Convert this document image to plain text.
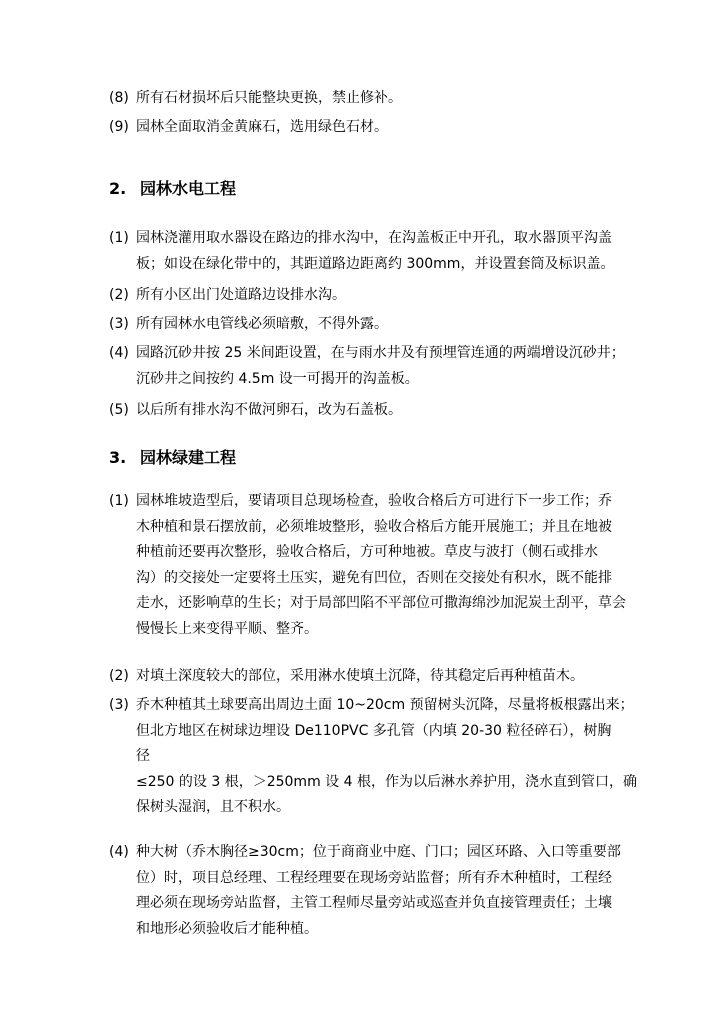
(8) 所有石材损坏后只能整块更换，禁止修补。
(9) 园林全面取消金黄麻石，选用绿色石材。
2. 园林水电工程
(1) 园林浇灌用取水器设在路边的排水沟中，在沟盖板正中开孔，取水器顶平沟盖
板；如设在绿化带中的，其距道路边距离约 300mm，并设置套筒及标识盖。
(2) 所有小区出门处道路边设排水沟。
(3) 所有园林水电管线必须暗敷，不得外露。
(4) 园路沉砂井按 25 米间距设置，在与雨水井及有预埋管连通的两端增设沉砂井；
沉砂井之间按约 4.5m 设一可揭开的沟盖板。
(5) 以后所有排水沟不做河卵石，改为石盖板。
3. 园林绿建工程
(1) 园林堆坡造型后，要请项目总现场检查，验收合格后方可进行下一步工作；乔
木种植和景石摆放前，必须堆坡整形，验收合格后方能开展施工；并且在地被
种植前还要再次整形，验收合格后，方可种地被。草皮与波打（侧石或排水
沟）的交接处一定要将土压实，避免有凹位，否则在交接处有积水，既不能排
走水，还影响草的生长；对于局部凹陷不平部位可撒海绵沙加泥炭土刮平，草会
慢慢长上来变得平顺、整齐。
(2) 对填土深度较大的部位，采用淋水使填土沉降，待其稳定后再种植苗木。
(3) 乔木种植其土球要高出周边土面 10~20cm 预留树头沉降，尽量将板根露出来；
但北方地区在树球边埋设 De110PVC 多孔管（内填 20-30 粒径碎石），树胸
径
≤250 的设 3 根，＞250mm 设 4 根，作为以后淋水养护用，浇水直到管口，确
保树头湿润，且不积水。
(4) 种大树（乔木胸径≥30cm；位于商商业中庭、门口；园区环路、入口等重要部
位）时，项目总经理、工程经理要在现场旁站监督；所有乔木种植时，工程经
理必须在现场旁站监督，主管工程师尽量旁站或巡查并负直接管理责任；土壤
和地形必须验收后才能种植。
